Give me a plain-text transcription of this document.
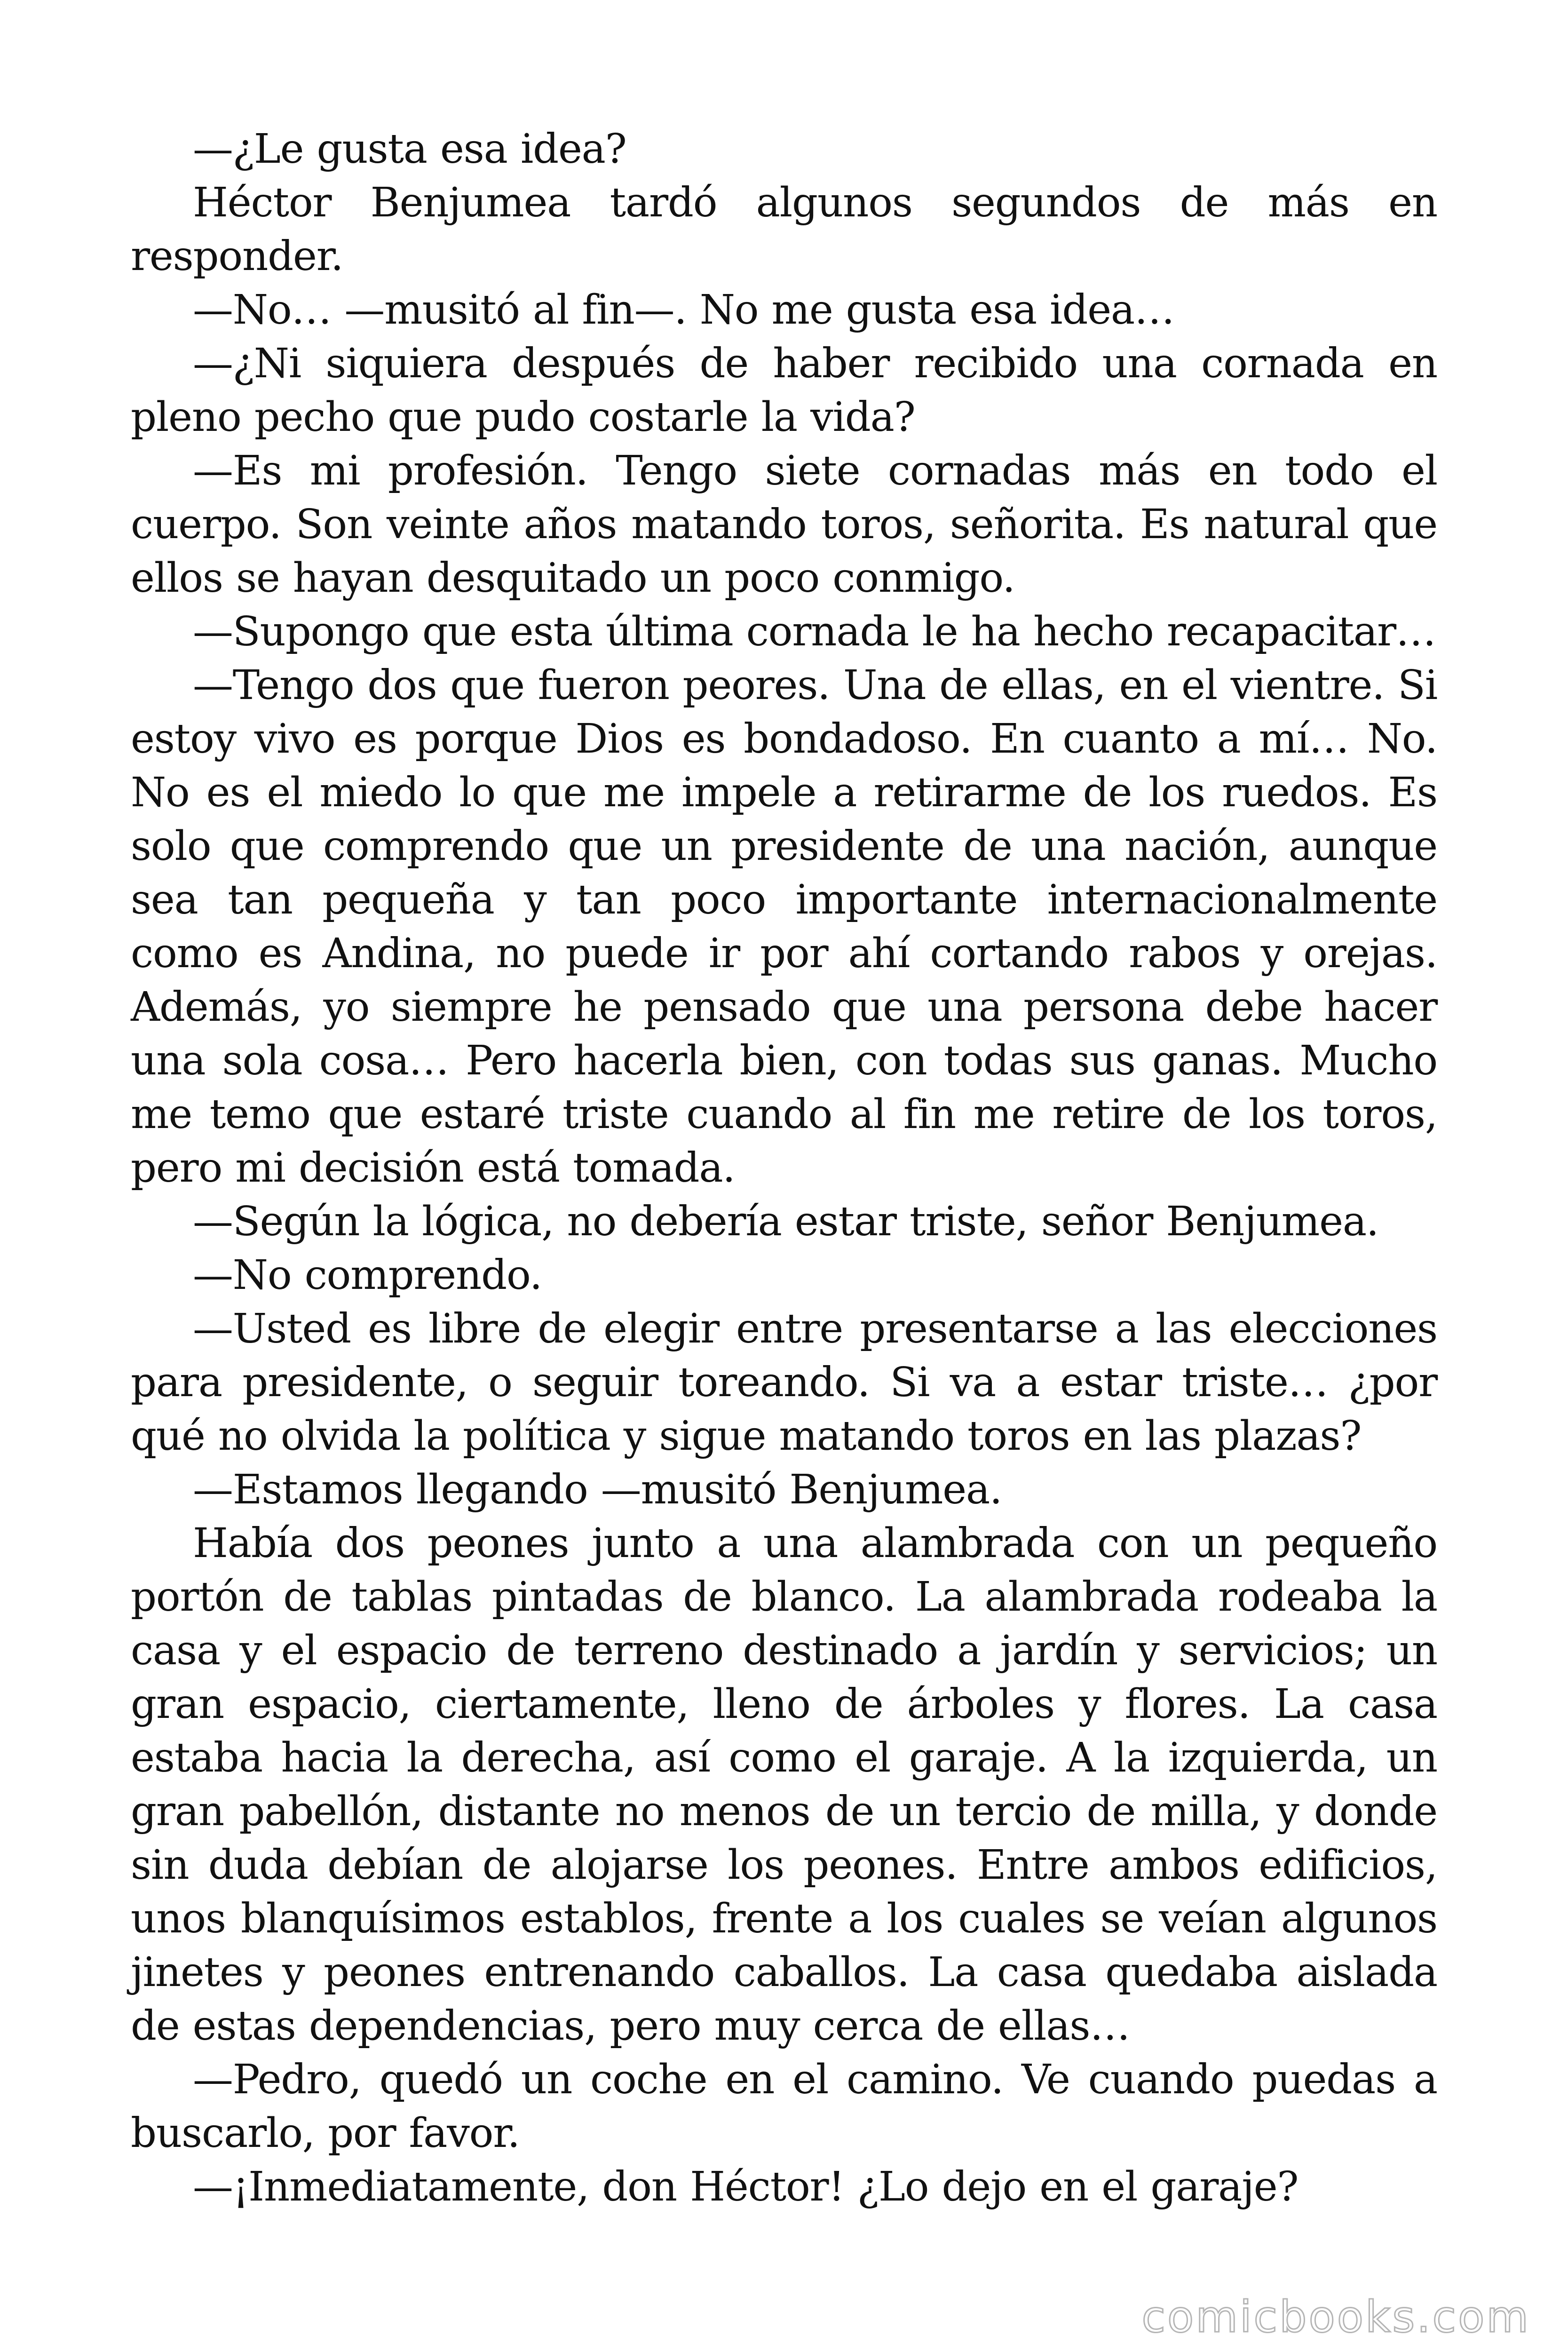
—¿Le gusta esa idea?

Héctor Benjumea tardó algunos segundos de más en responder.

—No… —musitó al fin—. No me gusta esa idea…

—¿Ni siquiera después de haber recibido una cornada en pleno pecho que pudo costarle la vida?

—Es mi profesión. Tengo siete cornadas más en todo el cuerpo. Son veinte años matando toros, señorita. Es natural que ellos se hayan desquitado un poco conmigo.

—Supongo que esta última cornada le ha hecho recapacitar…

—Tengo dos que fueron peores. Una de ellas, en el vientre. Si estoy vivo es porque Dios es bondadoso. En cuanto a mí… No. No es el miedo lo que me impele a retirarme de los ruedos. Es solo que comprendo que un presidente de una nación, aunque sea tan pequeña y tan poco importante internacionalmente como es Andina, no puede ir por ahí cortando rabos y orejas. Además, yo siempre he pensado que una persona debe hacer una sola cosa… Pero hacerla bien, con todas sus ganas. Mucho me temo que estaré triste cuando al fin me retire de los toros, pero mi decisión está tomada.

—Según la lógica, no debería estar triste, señor Benjumea.

—No comprendo.

—Usted es libre de elegir entre presentarse a las elecciones para presidente, o seguir toreando. Si va a estar triste… ¿por qué no olvida la política y sigue matando toros en las plazas?

—Estamos llegando —musitó Benjumea.

Había dos peones junto a una alambrada con un pequeño portón de tablas pintadas de blanco. La alambrada rodeaba la casa y el espacio de terreno destinado a jardín y servicios; un gran espacio, ciertamente, lleno de árboles y flores. La casa estaba hacia la derecha, así como el garaje. A la izquierda, un gran pabellón, distante no menos de un tercio de milla, y donde sin duda debían de alojarse los peones. Entre ambos edificios, unos blanquísimos establos, frente a los cuales se veían algunos jinetes y peones entrenando caballos. La casa quedaba aislada de estas dependencias, pero muy cerca de ellas…

—Pedro, quedó un coche en el camino. Ve cuando puedas a buscarlo, por favor.

—¡Inmediatamente, don Héctor! ¿Lo dejo en el garaje?

comicbooks.com
